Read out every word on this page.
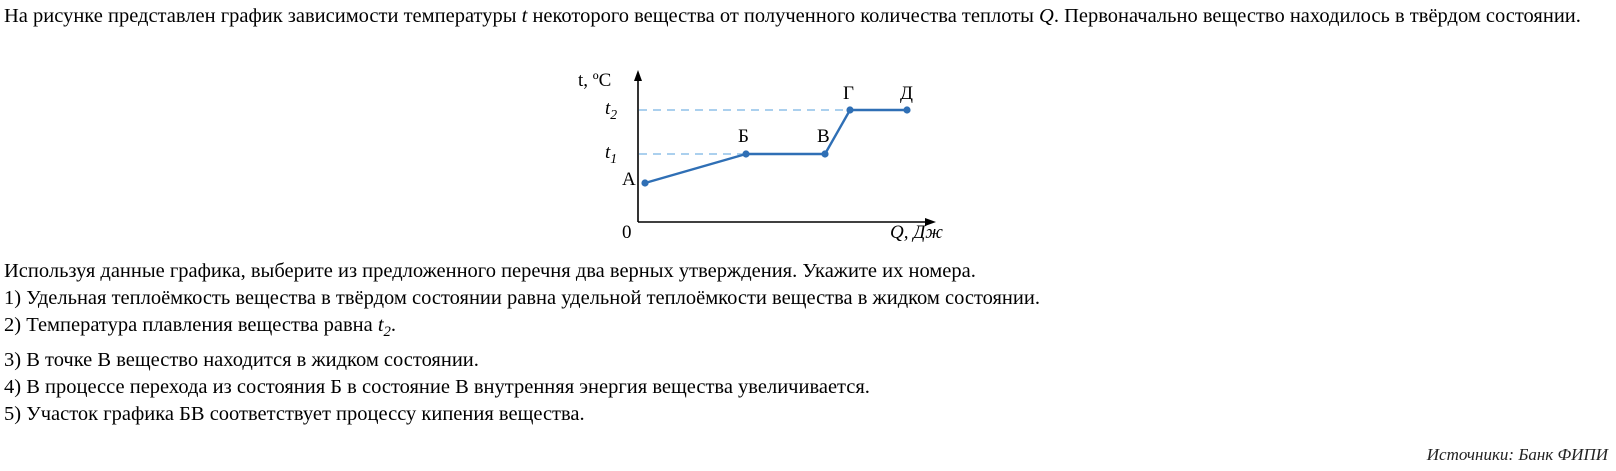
На рисунке представлен график зависимости температуры t некоторого вещества от полученного количества теплоты Q. Первоначально вещество находилось в твёрдом состоянии.
t, ºC
Q, Дж
0
$t_2$
$t_1$
А
Б	В
Г Д
Используя данные графика, выберите из предложенного перечня два верных утверждения. Укажите их номера.
1) Удельная теплоёмкость вещества в твёрдом состоянии равна удельной теплоёмкости вещества в жидком состоянии.
2) Температура плавления вещества равна $t_2$.
3) В точке В вещество находится в жидком состоянии.
4) В процессе перехода из состояния Б в состояние В внутренняя энергия вещества увеличивается.
5) Участок графика БВ соответствует процессу кипения вещества.
Источники: Банк ФИПИ
